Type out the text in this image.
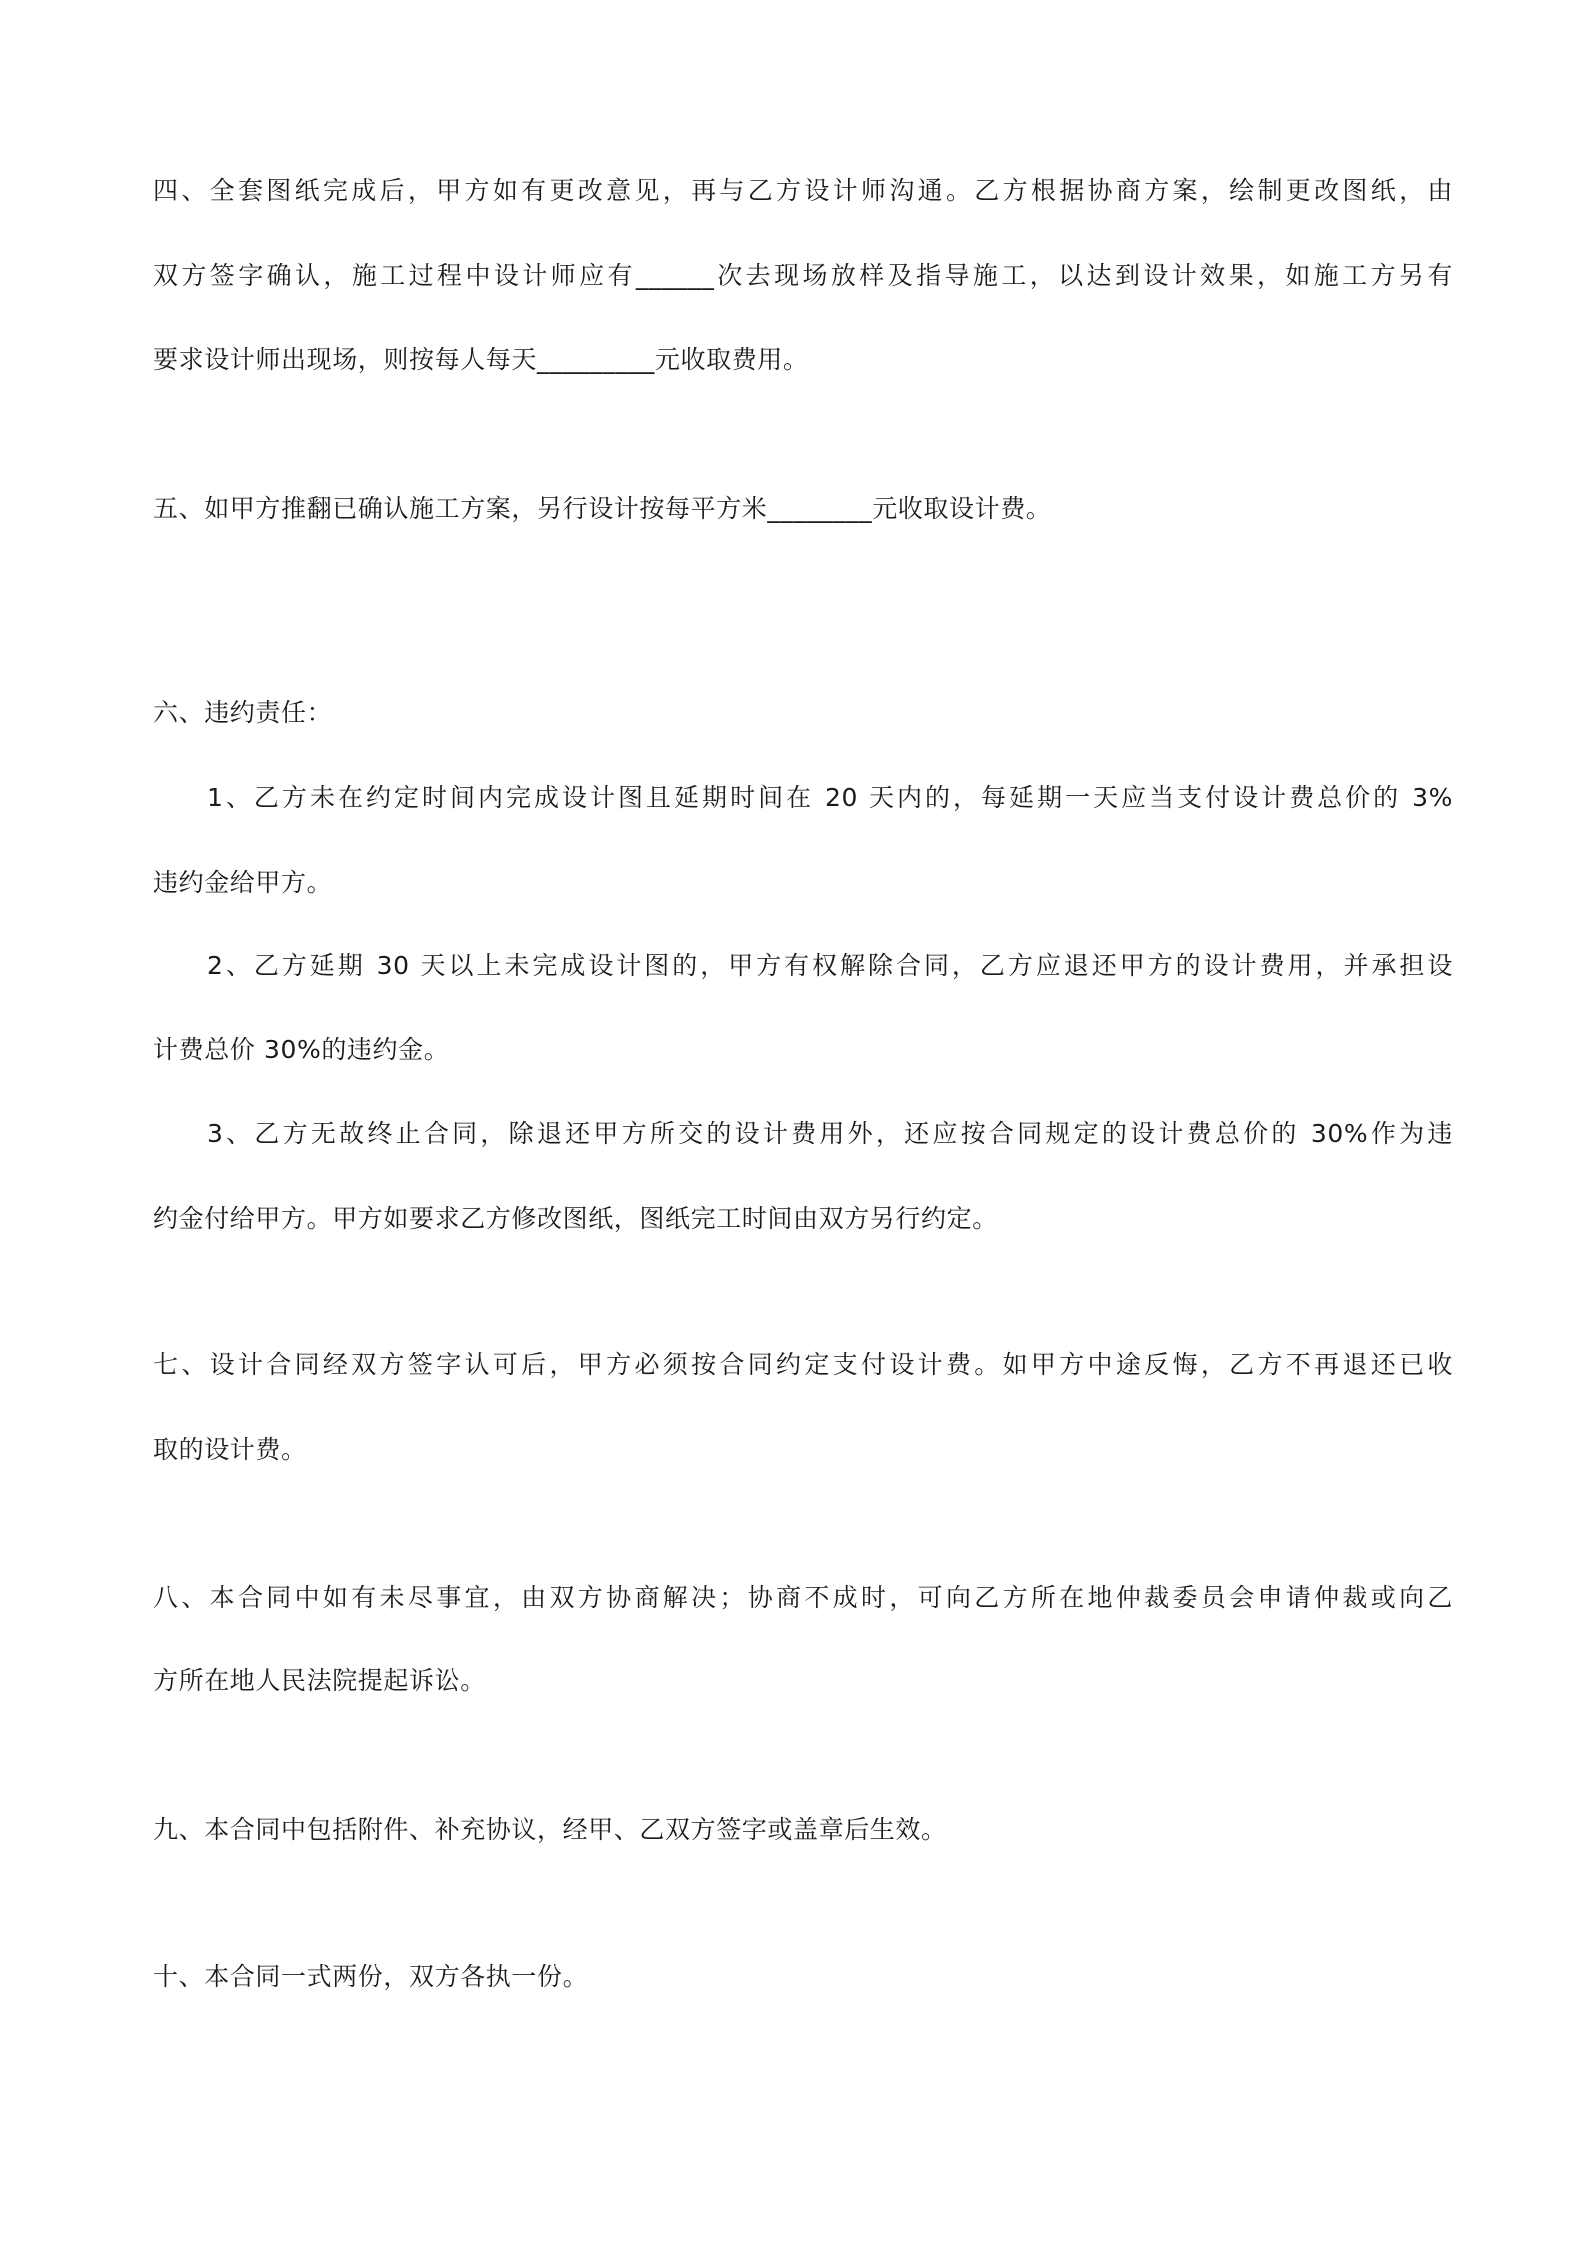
四、全套图纸完成后，甲方如有更改意见，再与乙方设计师沟通。乙方根据协商方案，绘制更改图纸，由
双方签字确认，施工过程中设计师应有______次去现场放样及指导施工，以达到设计效果，如施工方另有
要求设计师出现场，则按每人每天_________元收取费用。
五、如甲方推翻已确认施工方案，另行设计按每平方米________元收取设计费。
六、违约责任：
1、乙方未在约定时间内完成设计图且延期时间在 20 天内的，每延期一天应当支付设计费总价的 3%
违约金给甲方。
2、乙方延期 30 天以上未完成设计图的，甲方有权解除合同，乙方应退还甲方的设计费用，并承担设
计费总价 30%的违约金。
3、乙方无故终止合同，除退还甲方所交的设计费用外，还应按合同规定的设计费总价的 30%作为违
约金付给甲方。甲方如要求乙方修改图纸，图纸完工时间由双方另行约定。
七、设计合同经双方签字认可后，甲方必须按合同约定支付设计费。如甲方中途反悔，乙方不再退还已收
取的设计费。
八、本合同中如有未尽事宜，由双方协商解决；协商不成时，可向乙方所在地仲裁委员会申请仲裁或向乙
方所在地人民法院提起诉讼。
九、本合同中包括附件、补充协议，经甲、乙双方签字或盖章后生效。
十、本合同一式两份，双方各执一份。
